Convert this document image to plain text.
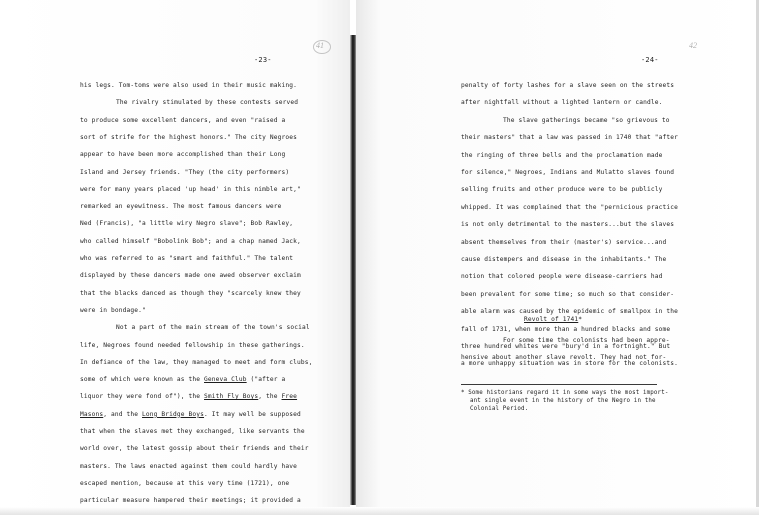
-23-
41
his legs. Tom-toms were also used in their music making.
The rivalry stimulated by these contests served
to produce some excellent dancers, and even "raised a
sort of strife for the highest honors." The city Negroes
appear to have been more accomplished than their Long
Island and Jersey friends. "They (the city performers)
were for many years placed 'up head' in this nimble art,"
remarked an eyewitness. The most famous dancers were
Ned (Francis), "a little wiry Negro slave"; Bob Rawley,
who called himself "Bobolink Bob"; and a chap named Jack,
who was referred to as "smart and faithful." The talent
displayed by these dancers made one awed observer exclaim
that the blacks danced as though they "scarcely knew they
were in bondage."
Not a part of the main stream of the town's social
life, Negroes found needed fellowship in these gatherings.
In defiance of the law, they managed to meet and form clubs,
some of which were known as the Geneva Club ("after a
liquor they were fond of"), the Smith Fly Boys, the Free
Masons, and the Long Bridge Boys. It may well be supposed
that when the slaves met they exchanged, like servants the
world over, the latest gossip about their friends and their
masters. The laws enacted against them could hardly have
escaped mention, because at this very time (1721), one
particular measure hampered their meetings; it provided a
-24-
42
penalty of forty lashes for a slave seen on the streets
after nightfall without a lighted lantern or candle.
The slave gatherings became "so grievous to
their masters" that a law was passed in 1740 that "after
the ringing of three bells and the proclamation made
for silence," Negroes, Indians and Mulatto slaves found
selling fruits and other produce were to be publicly
whipped. It was complained that the "pernicious practice
is not only detrimental to the masters...but the slaves
absent themselves from their (master's) service...and
cause distempers and disease in the inhabitants." The
notion that colored people were disease-carriers had
been prevalent for some time; so much so that consider-
able alarm was caused by the epidemic of smallpox in the
fall of 1731, when more than a hundred blacks and some
three hundred whites were "bury'd in a fortnight." But
a more unhappy situation was in store for the colonists.
Revolt of 1741*
For some time the colonists had been appre-
hensive about another slave revolt. They had not for-
* Some historians regard it in some ways the most import-
ant single event in the history of the Negro in the
Colonial Period.
